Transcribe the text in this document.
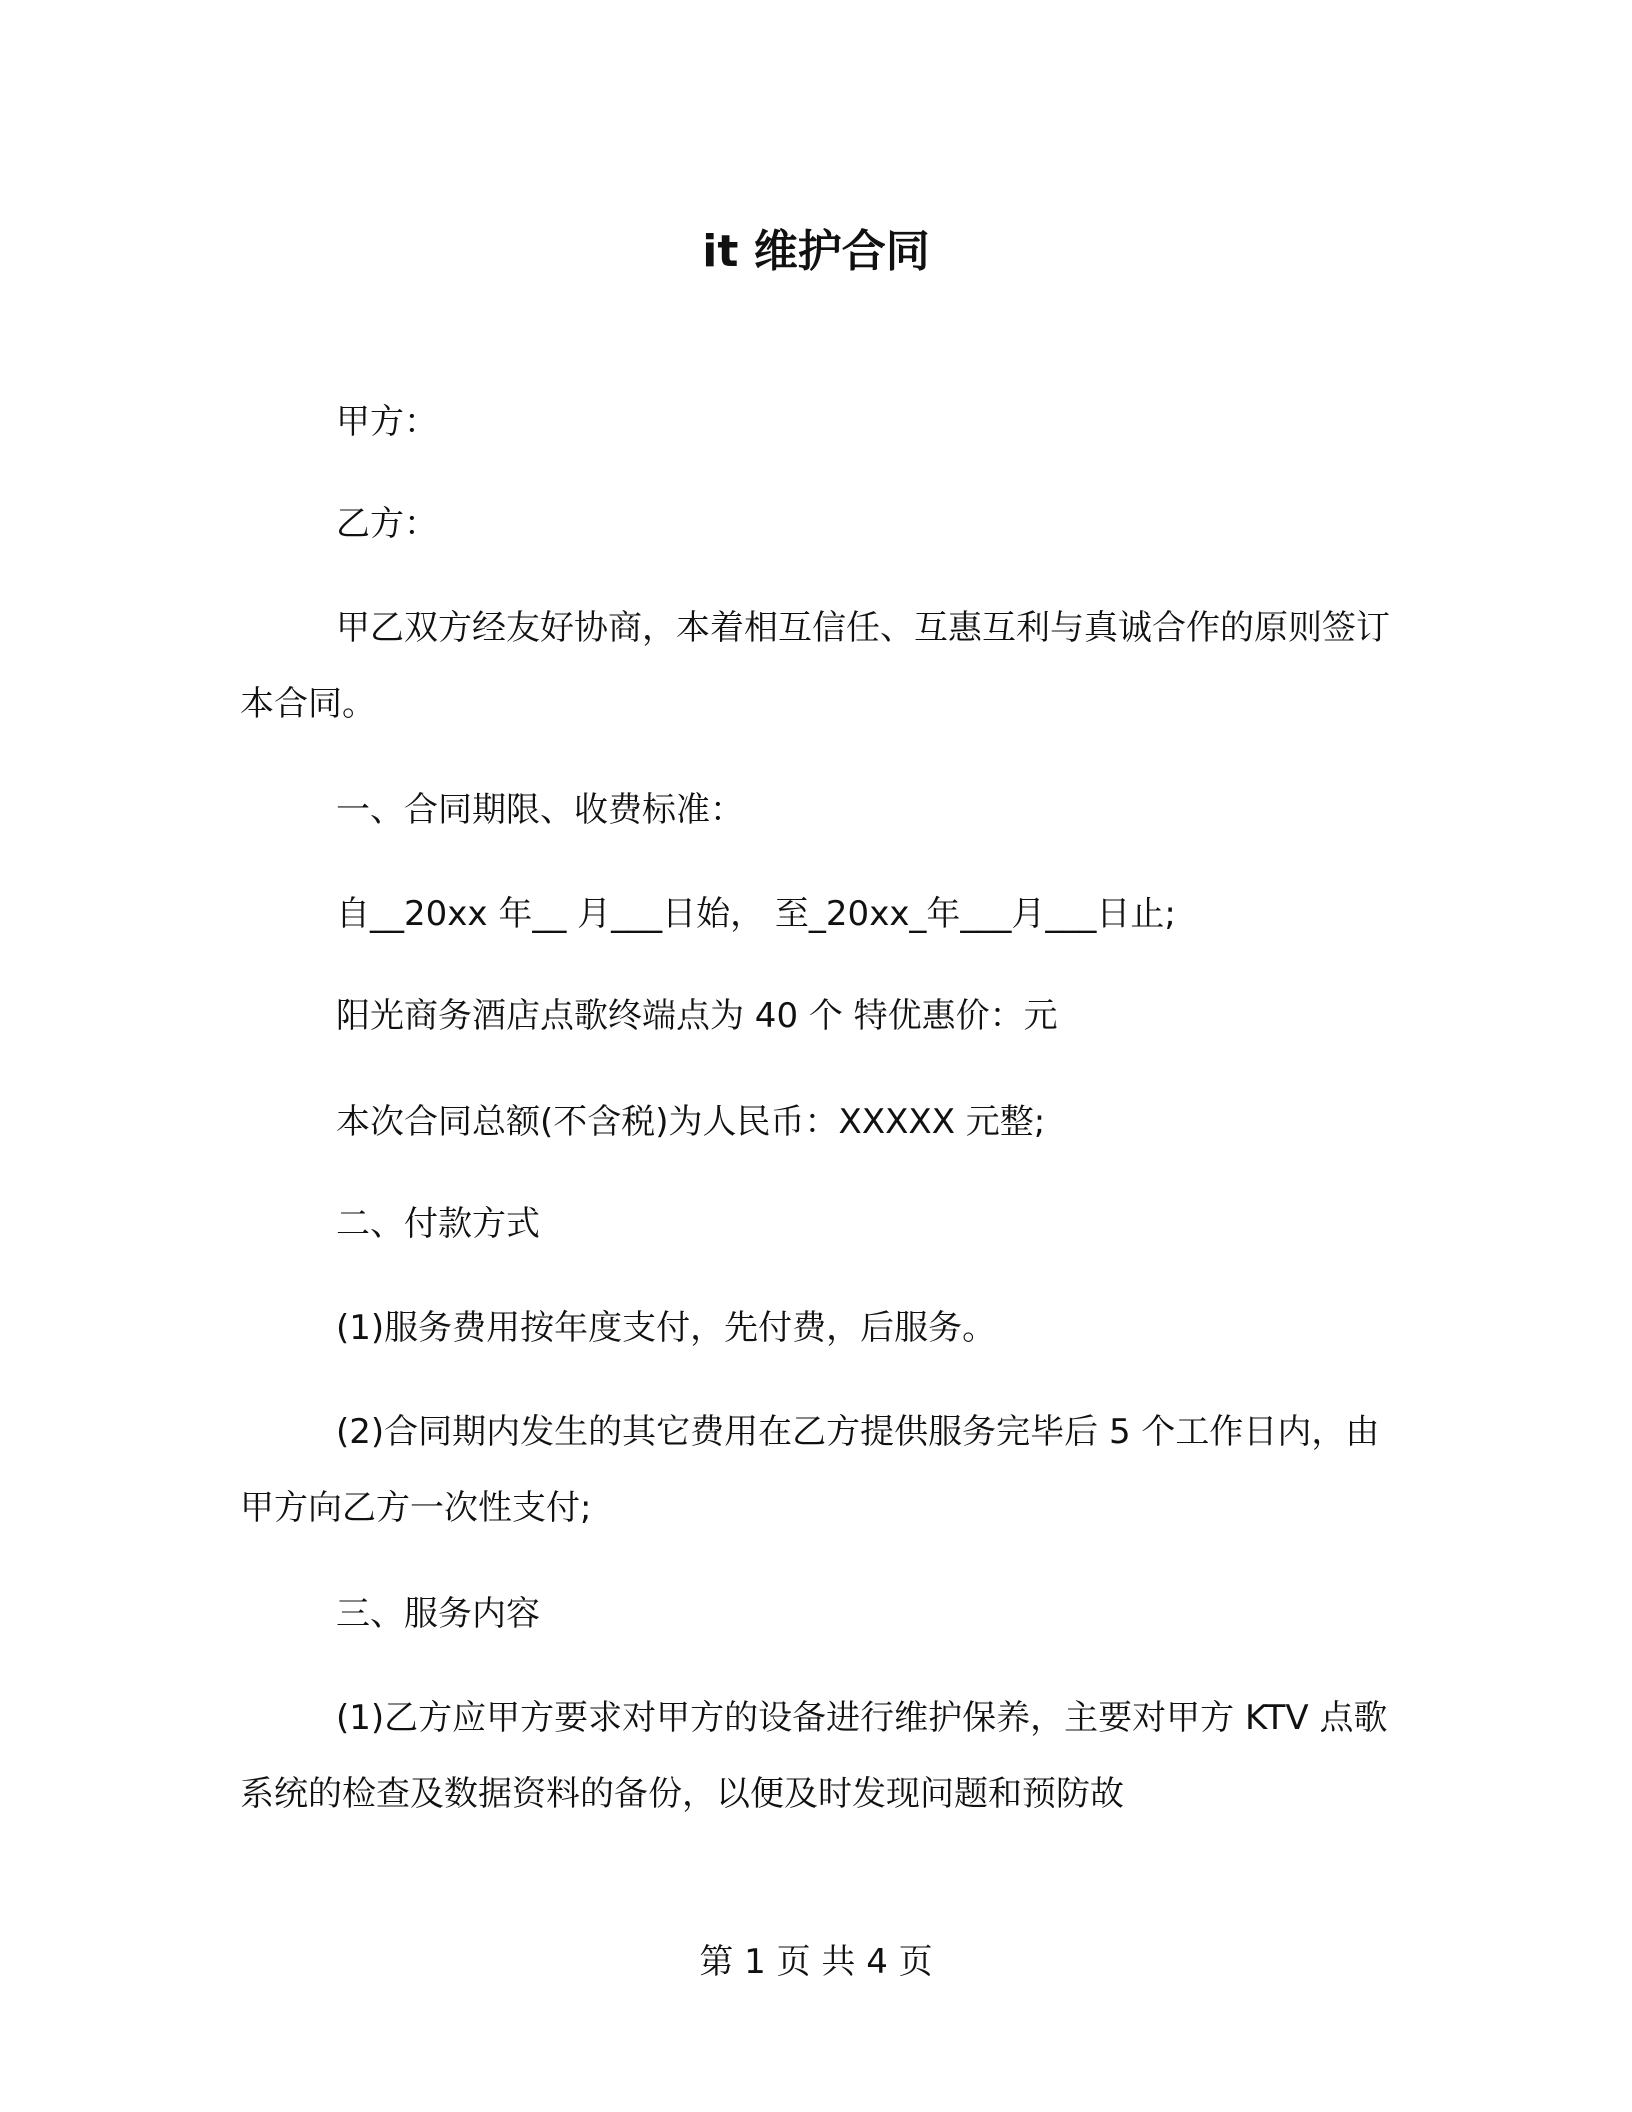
it 维护合同
甲方：
乙方：
甲乙双方经友好协商，本着相互信任、互惠互利与真诚合作的原则签订本合同。
一、合同期限、收费标准：
自__20xx 年__ 月___日始， 至_20xx_年___月___日止;
阳光商务酒店点歌终端点为 40 个 特优惠价：元
本次合同总额(不含税)为人民币：XXXXX 元整;
二、付款方式
(1)服务费用按年度支付，先付费，后服务。
(2)合同期内发生的其它费用在乙方提供服务完毕后 5 个工作日内，由甲方向乙方一次性支付;
三、服务内容
(1)乙方应甲方要求对甲方的设备进行维护保养，主要对甲方 KTV 点歌系统的检查及数据资料的备份，以便及时发现问题和预防故
第 1 页 共 4 页
